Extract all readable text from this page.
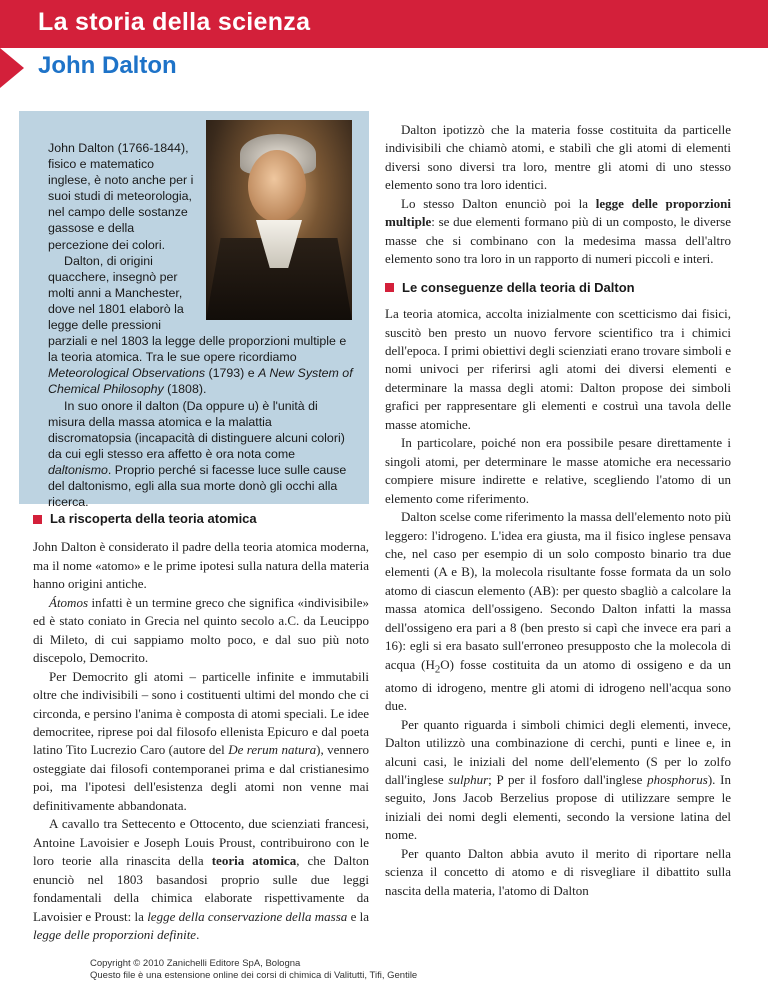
La storia della scienza
John Dalton

John Dalton (1766-1844), fisico e matematico inglese, è noto anche per i suoi studi di meteorologia, nel campo delle sostanze gassose e della percezione dei colori.

Dalton, di origini quacchere, insegnò per molti anni a Manchester, dove nel 1801 elaborò la legge delle pressioni parziali e nel 1803 la legge delle proporzioni multiple e la teoria atomica. Tra le sue opere ricordiamo Meteorological Observations (1793) e A New System of Chemical Philosophy (1808).

In suo onore il dalton (Da oppure u) è l'unità di misura della massa atomica e la malattia discromatopsia (incapacità di distinguere alcuni colori) da cui egli stesso era affetto è ora nota come daltonismo. Proprio perché si facesse luce sulle cause del daltonismo, egli alla sua morte donò gli occhi alla ricerca.

La riscoperta della teoria atomica

John Dalton è considerato il padre della teoria atomica moderna, ma il nome «atomo» e le prime ipotesi sulla natura della materia hanno origini antiche.

Átomos infatti è un termine greco che significa «indivisibile» ed è stato coniato in Grecia nel quinto secolo a.C. da Leucippo di Mileto, di cui sappiamo molto poco, e dal suo più noto discepolo, Democrito.

Per Democrito gli atomi – particelle infinite e immutabili oltre che indivisibili – sono i costituenti ultimi del mondo che ci circonda, e persino l'anima è composta di atomi speciali. Le idee democritee, riprese poi dal filosofo ellenista Epicuro e dal poeta latino Tito Lucrezio Caro (autore del De rerum natura), vennero osteggiate dai filosofi contemporanei prima e dal cristianesimo poi, ma l'ipotesi dell'esistenza degli atomi non venne mai definitivamente abbandonata.

A cavallo tra Settecento e Ottocento, due scienziati francesi, Antoine Lavoisier e Joseph Louis Proust, contribuirono con le loro teorie alla rinascita della teoria atomica, che Dalton enunciò nel 1803 basandosi proprio sulle due leggi fondamentali della chimica elaborate rispettivamente da Lavoisier e Proust: la legge della conservazione della massa e la legge delle proporzioni definite.

Dalton ipotizzò che la materia fosse costituita da particelle indivisibili che chiamò atomi, e stabilì che gli atomi di elementi diversi sono diversi tra loro, mentre gli atomi di uno stesso elemento sono tra loro identici.

Lo stesso Dalton enunciò poi la legge delle proporzioni multiple: se due elementi formano più di un composto, le diverse masse che si combinano con la medesima massa dell'altro elemento sono tra loro in un rapporto di numeri piccoli e interi.

Le conseguenze della teoria di Dalton

La teoria atomica, accolta inizialmente con scetticismo dai fisici, suscitò ben presto un nuovo fervore scientifico tra i chimici dell'epoca. I primi obiettivi degli scienziati erano trovare simboli e nomi univoci per riferirsi agli atomi dei diversi elementi e determinare la massa degli atomi: Dalton propose dei simboli grafici per rappresentare gli elementi e costruì una tavola delle masse atomiche.

In particolare, poiché non era possibile pesare direttamente i singoli atomi, per determinare le masse atomiche era necessario compiere misure indirette e relative, scegliendo l'atomo di un elemento come riferimento.

Dalton scelse come riferimento la massa dell'elemento noto più leggero: l'idrogeno. L'idea era giusta, ma il fisico inglese pensava che, nel caso per esempio di un solo composto binario tra due elementi (A e B), la molecola risultante fosse formata da un solo atomo di ciascun elemento (AB): per questo sbagliò a calcolare la massa atomica dell'ossigeno. Secondo Dalton infatti la massa dell'ossigeno era pari a 8 (ben presto si capì che invece era pari a 16): egli si era basato sull'erroneo presupposto che la molecola di acqua $(H_2O)$ fosse costituita da un atomo di ossigeno e da un atomo di idrogeno, mentre gli atomi di idrogeno nell'acqua sono due.

Per quanto riguarda i simboli chimici degli elementi, invece, Dalton utilizzò una combinazione di cerchi, punti e linee e, in alcuni casi, le iniziali del nome dell'elemento (S per lo zolfo dall'inglese sulphur; P per il fosforo dall'inglese phosphorus). In seguito, Jons Jacob Berzelius propose di utilizzare sempre le iniziali dei nomi degli elementi, secondo la versione latina del nome.

Per quanto Dalton abbia avuto il merito di riportare nella scienza il concetto di atomo e di risvegliare il dibattito sulla nascita della materia, l'atomo di Dalton

Copyright © 2010 Zanichelli Editore SpA, Bologna
Questo file è una estensione online dei corsi di chimica di Valitutti, Tifi, Gentile
